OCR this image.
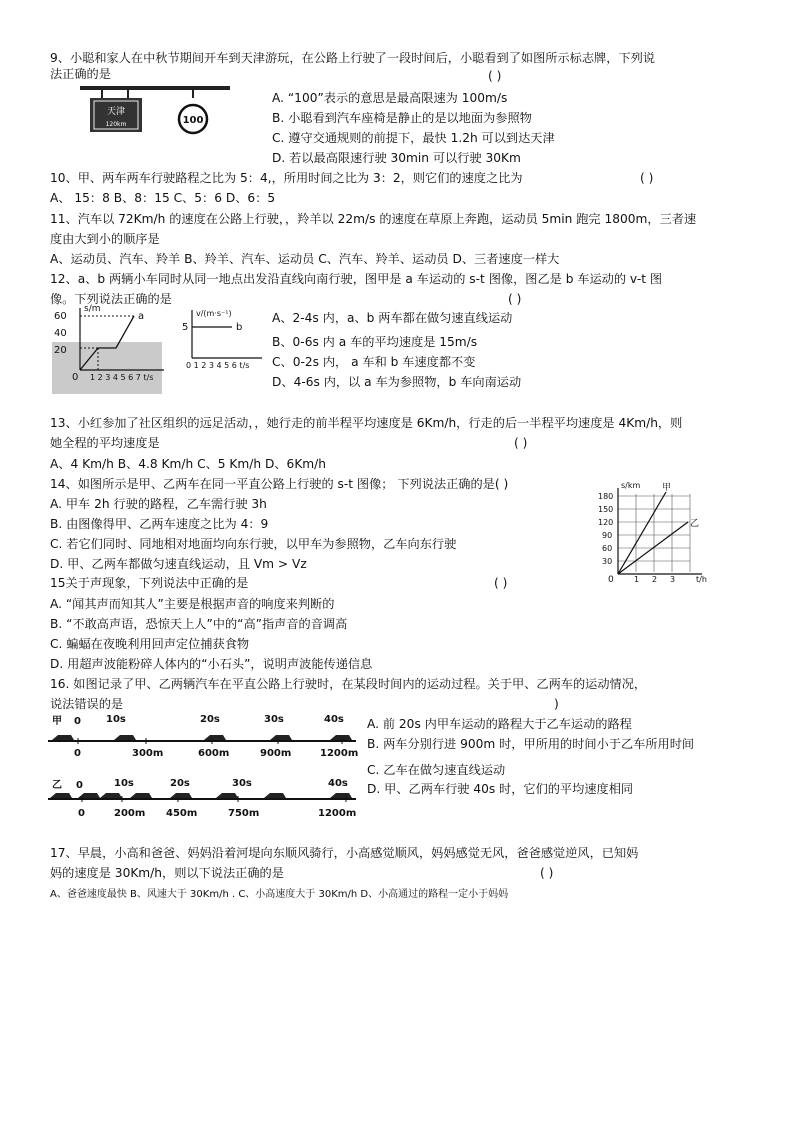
9、小聪和家人在中秋节期间开车到天津游玩，在公路上行驶了一段时间后，小聪看到了如图所示标志牌，下列说
法正确的是	( )
天津
120km	100
A. “100”表示的意思是最高限速为 100m/s
B. 小聪看到汽车座椅是静止的是以地面为参照物
C. 遵守交通规则的前提下，最快 1.2h 可以到达天津
D. 若以最高限速行驶 30min 可以行驶 30Km
10、甲、两车两车行驶路程之比为 5：4,，所用时间之比为 3：2，则它们的速度之比为	( )
A、 15：8 B、8：15 C、5：6 D、6：5
11、汽车以 72Km/h 的速度在公路上行驶，，羚羊以 22m/s 的速度在草原上奔跑，运动员 5min 跑完 1800m，三者速
度由大到小的顺序是
A、运动员、汽车、羚羊 B、羚羊、汽车、运动员 C、汽车、羚羊、运动员 D、三者速度一样大
12、a、b 两辆小车同时从同一地点出发沿直线向南行驶，图甲是 a 车运动的 s-t 图像，图乙是 b 车运动的 v-t 图
像。下列说法正确的是	( )
s/m
60
40
20
0
a
1 2 3 4 5 6 7 t/s
v/(m·s⁻¹)
5	b
0 1 2 3 4 5 6 t/s
A、2-4s 内，a、b 两车都在做匀速直线运动
B、0-6s 内 a 车的平均速度是 15m/s
C、0-2s 内， a 车和 b 车速度都不变
D、4-6s 内，以 a 车为参照物，b 车向南运动
13、小红参加了社区组织的远足活动，，她行走的前半程平均速度是 6Km/h，行走的后一半程平均速度是 4Km/h，则
她全程的平均速度是	( )
A、4 Km/h B、4.8 Km/h C、5 Km/h D、6Km/h
14、如图所示是甲、乙两车在同一平直公路上行驶的 s-t 图像； 下列说法正确的是( )
A. 甲车 2h 行驶的路程，乙车需行驶 3h
B. 由图像得甲、乙两车速度之比为 4：9
C. 若它们同时、同地相对地面均向东行驶，以甲车为参照物，乙车向东行驶
D. 甲、乙两车都做匀速直线运动，且 Vm > Vz
s/km
180
150
120
90
60
30
0	1 2 3	t/h
甲
乙
15关于声现象，下列说法中正确的是	( )
A. “闻其声而知其人”主要是根据声音的响度来判断的
B. “不敢高声语，恐惊天上人”中的“高”指声音的音调高
C. 蝙蝠在夜晚利用回声定位捕获食物
D. 用超声波能粉碎人体内的“小石头”，说明声波能传递信息
16. 如图记录了甲、乙两辆汽车在平直公路上行驶时，在某段时间内的运动过程。关于甲、乙两车的运动情况，
说法错误的是	)
甲 0	10s	20s	30s	40s
0	300m	600m	900m	1200m
乙 0	10s	20s	30s	40s
0	200m 450m	750m	1200m
A. 前 20s 内甲车运动的路程大于乙车运动的路程
B. 两车分别行进 900m 时，甲所用的时间小于乙车所用时间
C. 乙车在做匀速直线运动
D. 甲、乙两车行驶 40s 时，它们的平均速度相同
17、早晨，小高和爸爸、妈妈沿着河堤向东顺风骑行，小高感觉顺风，妈妈感觉无风，爸爸感觉逆风，已知妈
妈的速度是 30Km/h，则以下说法正确的是	( )
A、爸爸速度最快 B、风速大于 30Km/h . C、小高速度大于 30Km/h D、小高通过的路程一定小于妈妈
